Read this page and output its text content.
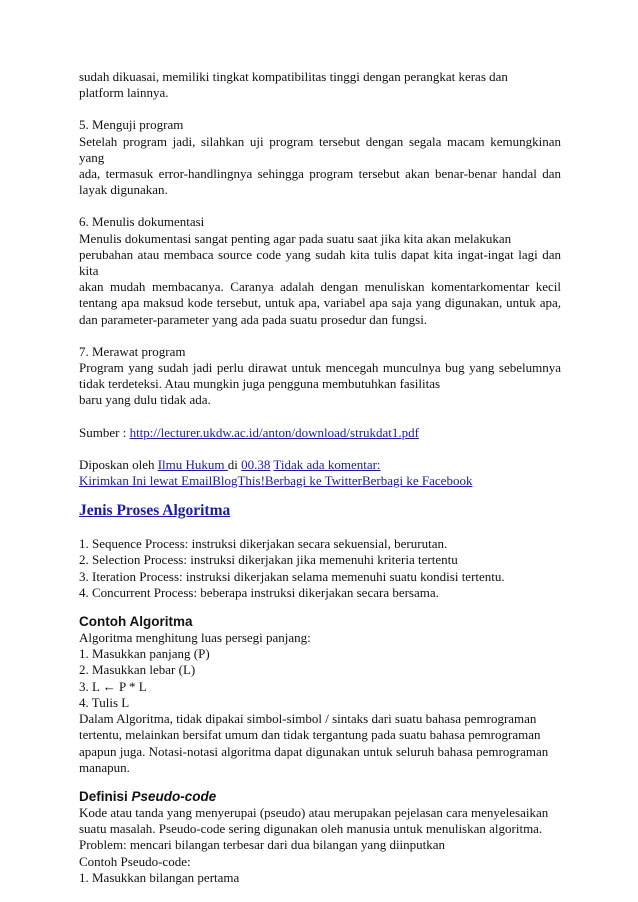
sudah dikuasai, memiliki tingkat kompatibilitas tinggi dengan perangkat keras dan

platform lainnya.

5. Menguji program

Setelah program jadi, silahkan uji program tersebut dengan segala macam kemungkinan yang

ada, termasuk error-handlingnya sehingga program tersebut akan benar-benar handal dan

layak digunakan.

6. Menulis dokumentasi

Menulis dokumentasi sangat penting agar pada suatu saat jika kita akan melakukan

perubahan atau membaca source code yang sudah kita tulis dapat kita ingat-ingat lagi dan kita

akan mudah membacanya. Caranya adalah dengan menuliskan komentarkomentar kecil

tentang apa maksud kode tersebut, untuk apa, variabel apa saja yang digunakan, untuk apa,

dan parameter-parameter yang ada pada suatu prosedur dan fungsi.

7. Merawat program

Program yang sudah jadi perlu dirawat untuk mencegah munculnya bug yang sebelumnya

tidak terdeteksi. Atau mungkin juga pengguna membutuhkan fasilitas

baru yang dulu tidak ada.

Sumber : http://lecturer.ukdw.ac.id/anton/download/strukdat1.pdf

Diposkan oleh Ilmu Hukum di 00.38 Tidak ada komentar:

Kirimkan Ini lewat EmailBlogThis!Berbagi ke TwitterBerbagi ke Facebook

Jenis Proses Algoritma

1. Sequence Process: instruksi dikerjakan secara sekuensial, berurutan.

2. Selection Process: instruksi dikerjakan jika memenuhi kriteria tertentu

3. Iteration Process: instruksi dikerjakan selama memenuhi suatu kondisi tertentu.

4. Concurrent Process: beberapa instruksi dikerjakan secara bersama.

Contoh Algoritma

Algoritma menghitung luas persegi panjang:

1. Masukkan panjang (P)

2. Masukkan lebar (L)

3. L ← P * L

4. Tulis L

Dalam Algoritma, tidak dipakai simbol-simbol / sintaks dari suatu bahasa pemrograman

tertentu, melainkan bersifat umum dan tidak tergantung pada suatu bahasa pemrograman

apapun juga. Notasi-notasi algoritma dapat digunakan untuk seluruh bahasa pemrograman

manapun.

Definisi Pseudo-code

Kode atau tanda yang menyerupai (pseudo) atau merupakan pejelasan cara menyelesaikan

suatu masalah. Pseudo-code sering digunakan oleh manusia untuk menuliskan algoritma.

Problem: mencari bilangan terbesar dari dua bilangan yang diinputkan

Contoh Pseudo-code:

1. Masukkan bilangan pertama
